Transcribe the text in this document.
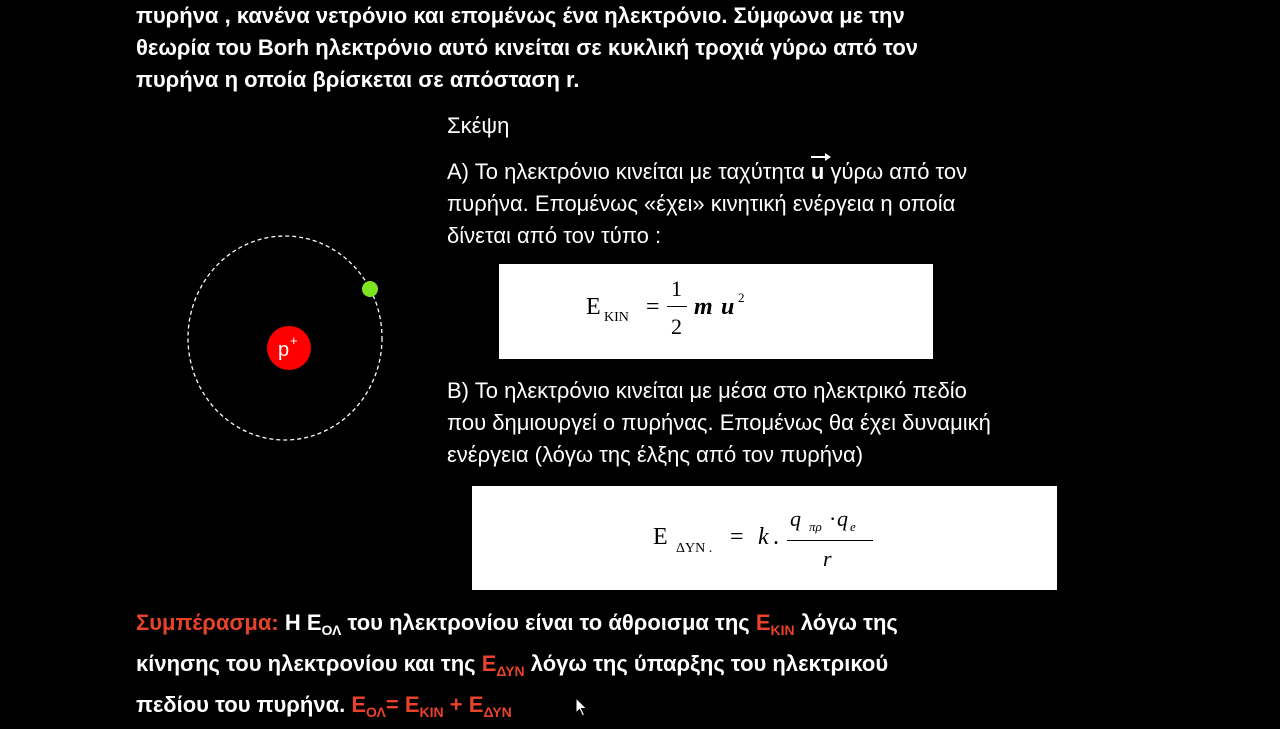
πυρήνα , κανένα νετρόνιο και επομένως ένα ηλεκτρόνιο. Σύμφωνα με την
θεωρία του Borh ηλεκτρόνιο αυτό κινείται σε κυκλική τροχιά γύρω από τον
πυρήνα η οποία βρίσκεται σε απόσταση r.

p +
Σκέψη

Α) Το ηλεκτρόνιο κινείται με ταχύτητα u γύρω από τον
πυρήνα. Επομένως «έχει» κινητική ενέργεια η οποία
δίνεται από τον τύπο :

E KIN =
1
2
m u 2

Β) Το ηλεκτρόνιο κινείται με μέσα στο ηλεκτρικό πεδίο
που δημιουργεί ο πυρήνας. Επομένως θα έχει δυναμική
ενέργεια (λόγω της έλξης από τον πυρήνα)

E ΔYN . = k .
q πρ · q e
r

Συμπέρασμα: Η $E_{O\Lambda}$ του ηλεκτρονίου είναι το άθροισμα της $E_{KIN}$ λόγω της
κίνησης του ηλεκτρονίου και της $E_{\Delta\Upsilon N}$ λόγω της ύπαρξης του ηλεκτρικού
πεδίου του πυρήνα. $E_{O\Lambda}= E_{KIN} + E_{\Delta\Upsilon N}$
